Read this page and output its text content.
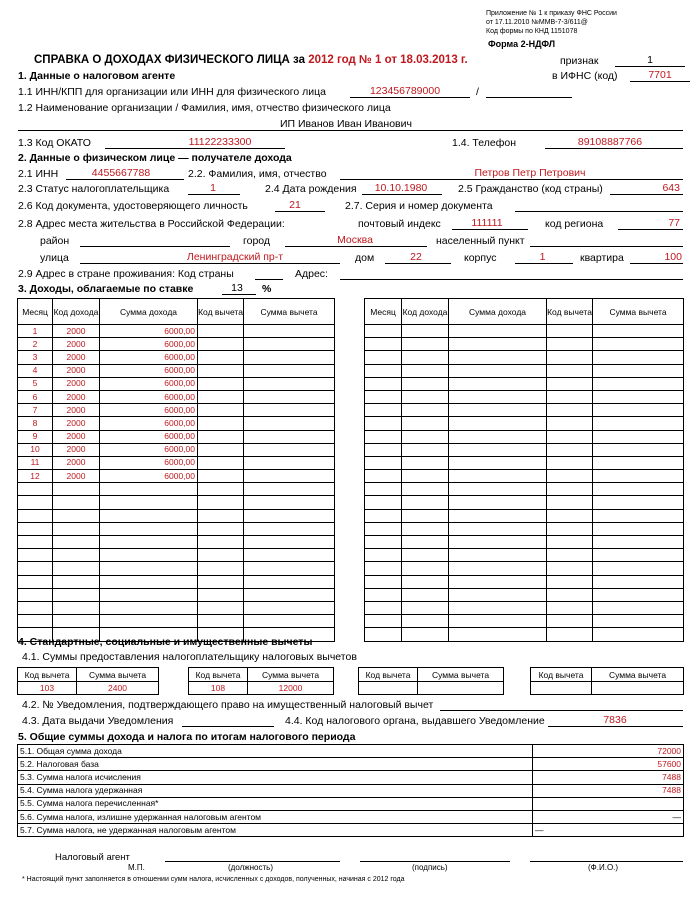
Приложение № 1 к приказу ФНС России
от 17.11.2010 №ММВ-7-3/611@
Код формы по КНД 1151078
Форма 2-НДФЛ
СПРАВКА О ДОХОДАХ ФИЗИЧЕСКОГО ЛИЦА за 2012 год № 1 от 18.03.2013 г.	признак	1
1. Данные о налоговом агенте	в ИФНС (код)	7701
1.1 ИНН/КПП для организации или ИНН для физического лица	123456789000	/
1.2 Наименование организации / Фамилия, имя, отчество физического лица
ИП Иванов Иван Иванович
1.3 Код ОКАТО	11122233300	1.4. Телефон	89108887766
2. Данные о физическом лице — получателе дохода
2.1 ИНН	4455667788	2.2. Фамилия, имя, отчество	Петров Петр Петрович
2.3 Статус налогоплательщика	1	2.4 Дата рождения	10.10.1980	2.5 Гражданство (код страны)	643
2.6 Код документа, удостоверяющего личность	21	2.7. Серия и номер документа
2.8 Адрес места жительства в Российской Федерации:	почтовый индекс	111111	код региона	77
район	город	Москва	населенный пункт
улица	Ленинградский пр-т	дом	22	корпус	1	квартира	100
2.9 Адрес в стране проживания: Код страны	Адрес:
3. Доходы, облагаемые по ставке	13	%
Месяц	Код дохода	Сумма дохода	Код вычета	Сумма вычета
1	2000	6000,00		
2	2000	6000,00		
3	2000	6000,00		
4	2000	6000,00		
5	2000	6000,00		
6	2000	6000,00		
7	2000	6000,00		
8	2000	6000,00		
9	2000	6000,00		
10	2000	6000,00		
11	2000	6000,00		
12	2000	6000,00		

Месяц	Код дохода	Сумма дохода	Код вычета	Сумма вычета

4. Стандартные, социальные и имущественные вычеты
4.1. Суммы предоставления налогоплательщику налоговых вычетов
Код вычета	Сумма вычета
103	2400
Код вычета	Сумма вычета
108	12000
Код вычета	Сумма вычета
		Код вычета	Сумма вычета

4.2. № Уведомления, подтверждающего право на имущественный налоговый вычет
4.3. Дата выдачи Уведомления	4.4. Код налогового органа, выдавшего Уведомление	7836
5. Общие суммы дохода и налога по итогам налогового периода
5.1. Общая сумма дохода	72000
5.2. Налоговая база	57600
5.3. Сумма налога исчисления	7488
5.4. Сумма налога удержанная	7488
5.5. Сумма налога перечисленная*	
5.6. Сумма налога, излишне удержанная налоговым агентом	—
5.7. Сумма налога, не удержанная налоговым агентом	—
Налоговый агент
М.П.	(должность)	(подпись)	(Ф.И.О.)
* Настоящий пункт заполняется в отношении сумм налога, исчисленных с доходов, полученных, начиная с 2012 года
